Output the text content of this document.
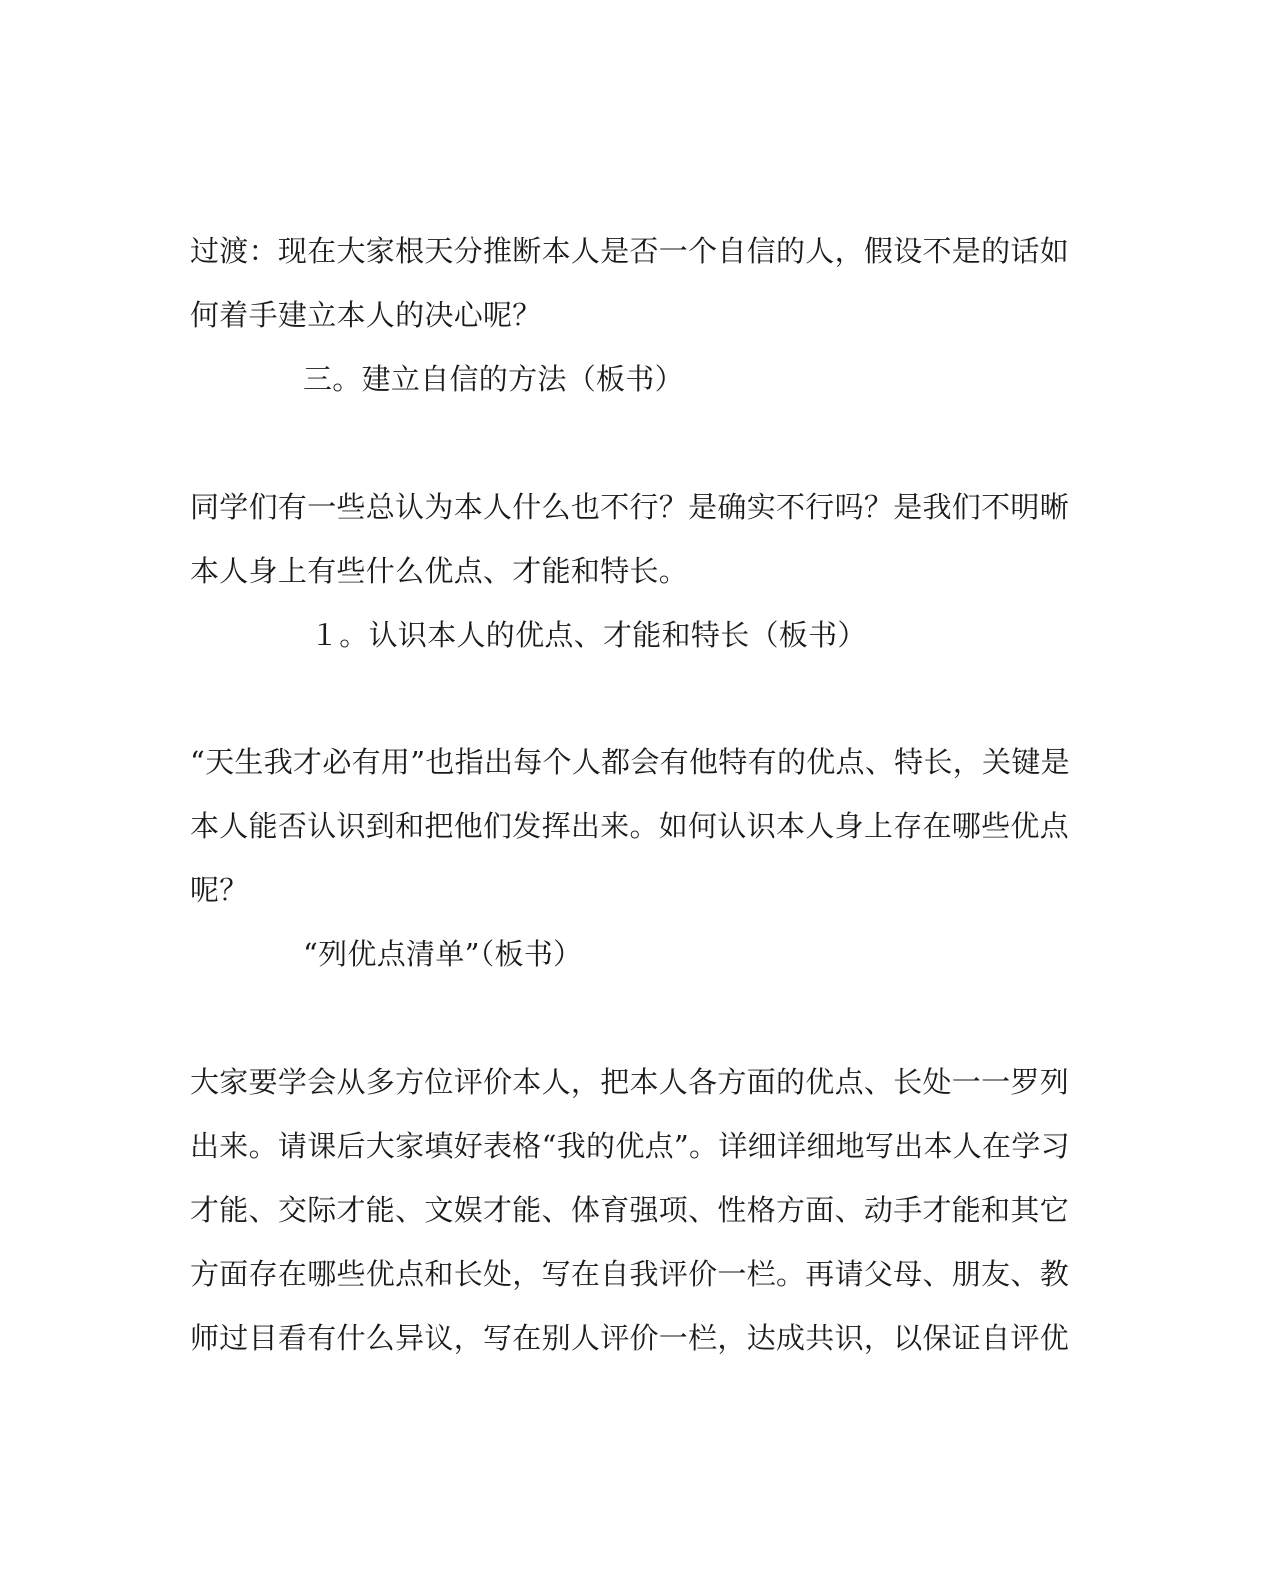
过渡：现在大家根天分推断本人是否一个自信的人，假设不是的话如
何着手建立本人的决心呢？
三。建立自信的方法（板书）
同学们有一些总认为本人什么也不行？是确实不行吗？是我们不明晰
本人身上有些什么优点、才能和特长。
１。认识本人的优点、才能和特长（板书）
“天生我才必有用”也指出每个人都会有他特有的优点、特长，关键是
本人能否认识到和把他们发挥出来。如何认识本人身上存在哪些优点
呢？
“列优点清单”（板书）
大家要学会从多方位评价本人，把本人各方面的优点、长处一一罗列
出来。请课后大家填好表格“我的优点”。详细详细地写出本人在学习
才能、交际才能、文娱才能、体育强项、性格方面、动手才能和其它
方面存在哪些优点和长处，写在自我评价一栏。再请父母、朋友、教
师过目看有什么异议，写在别人评价一栏，达成共识，以保证自评优
